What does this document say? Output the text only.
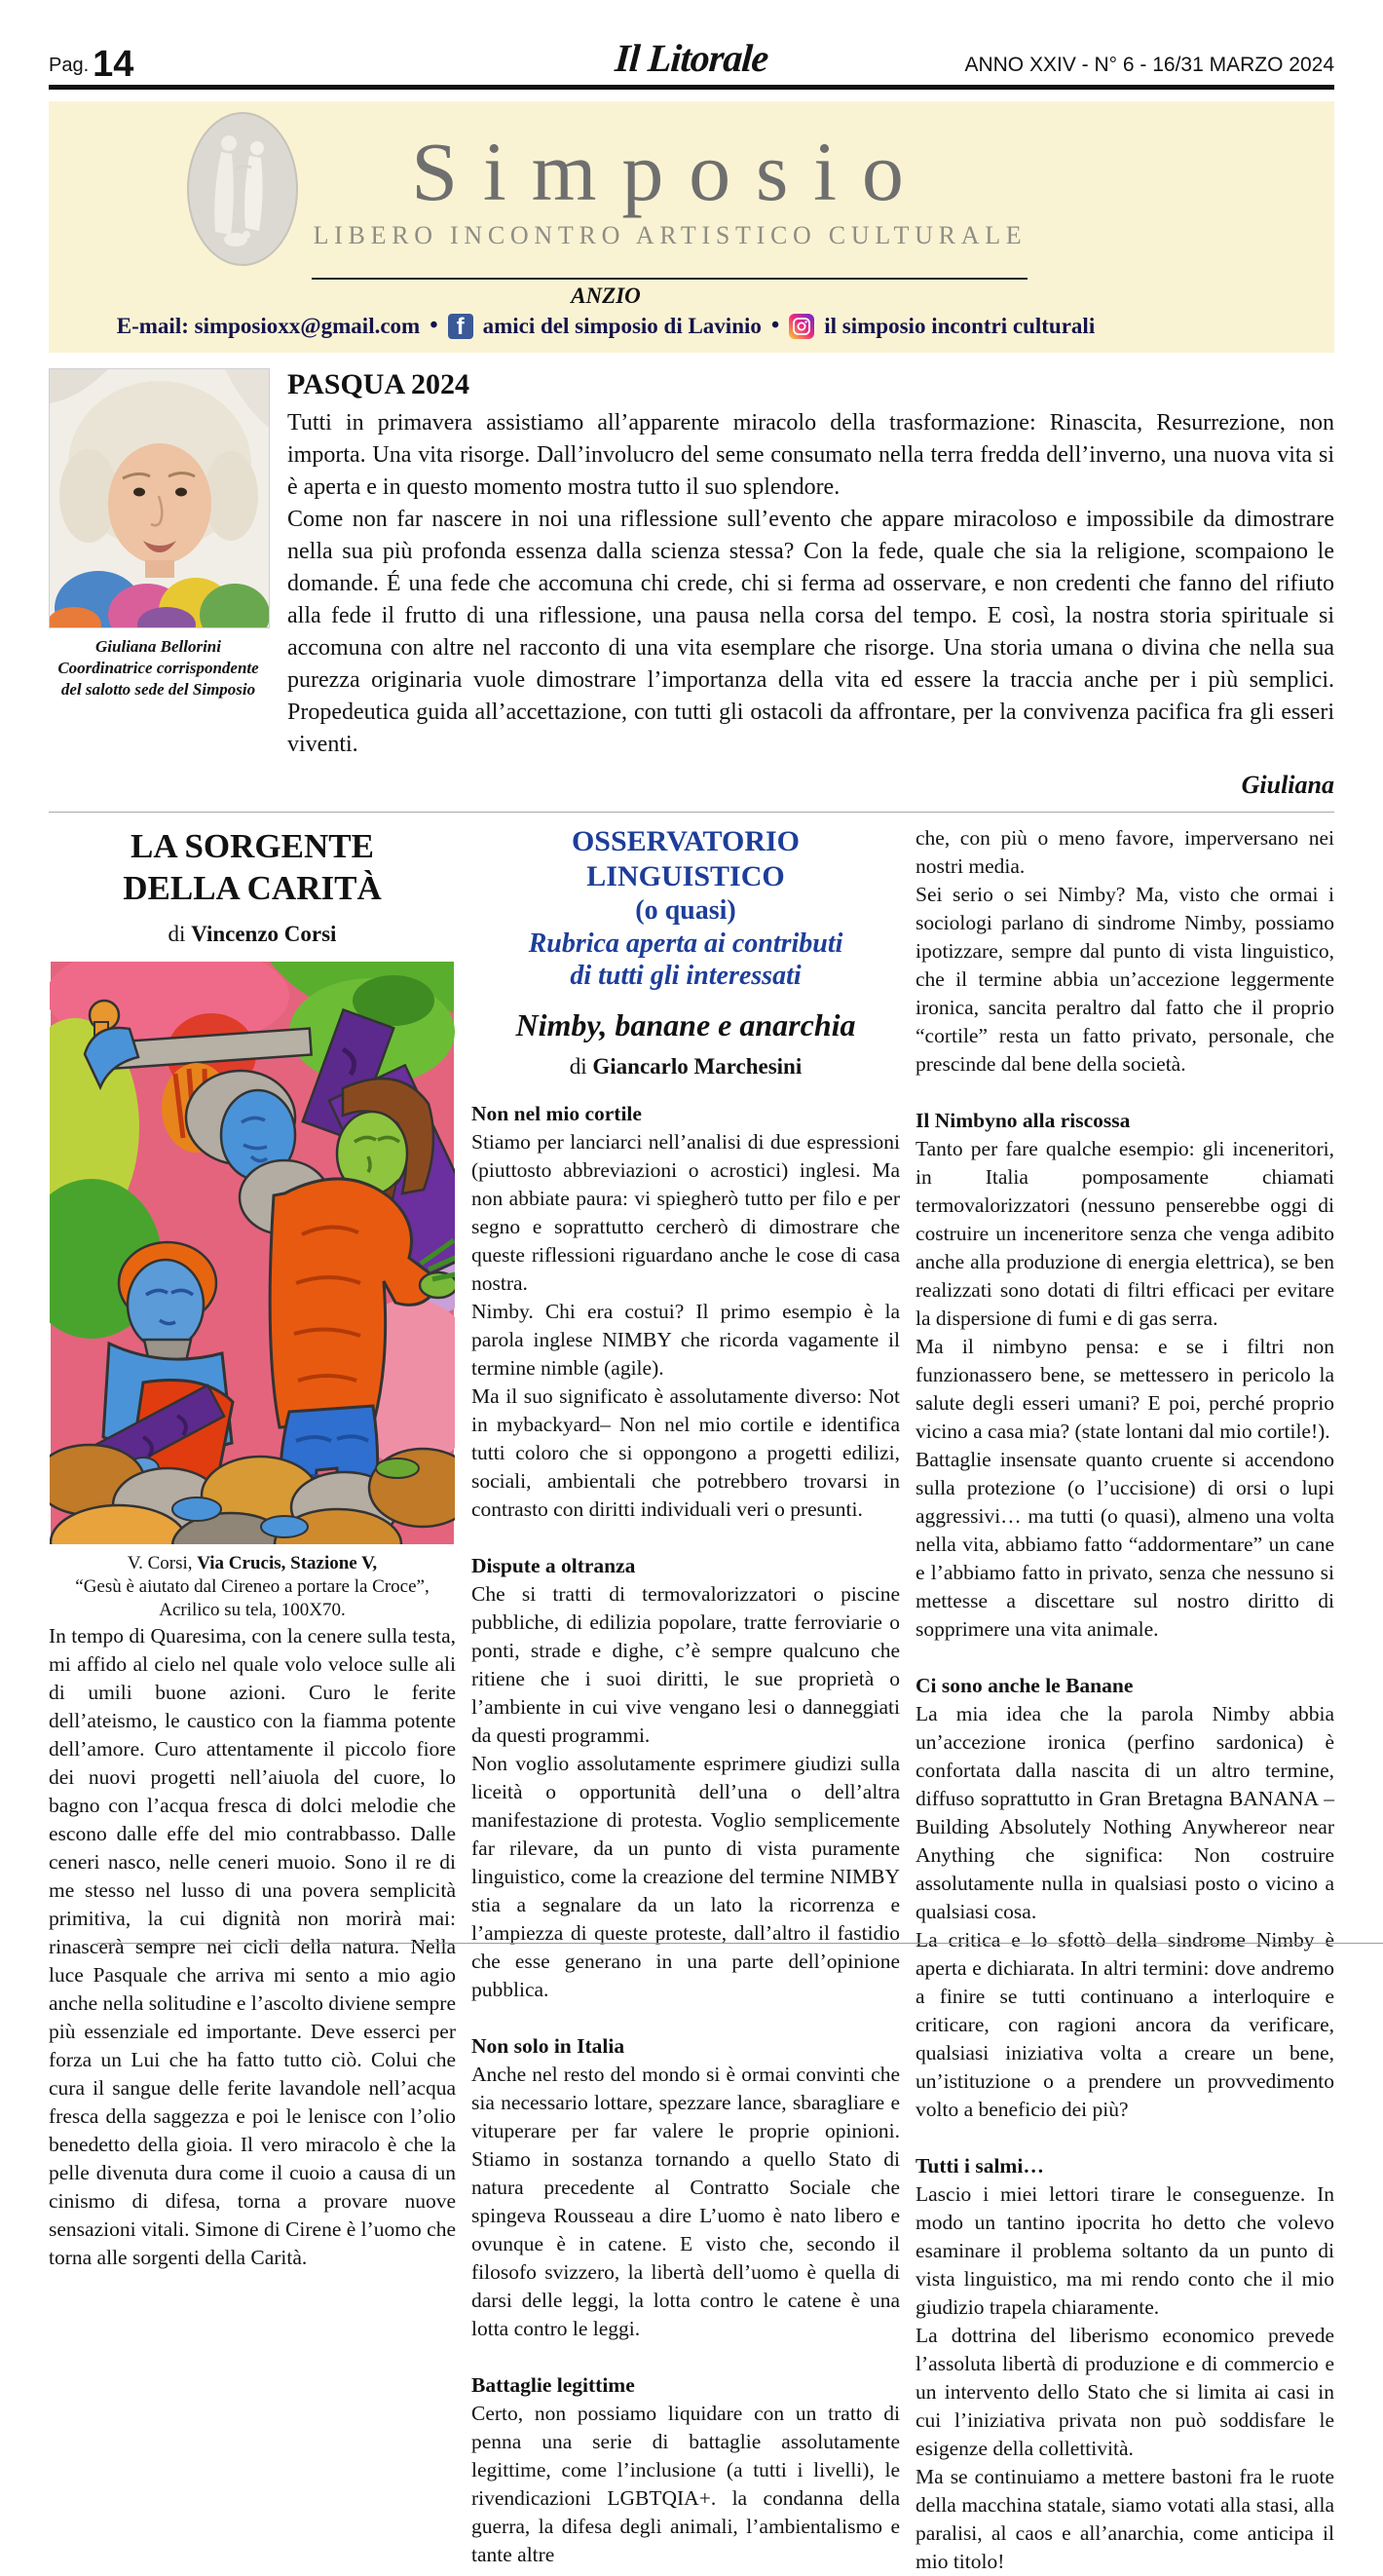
Pag. 14	Il Litorale	ANNO XXIV - N° 6 - 16/31 MARZO 2024
Simposio
LIBERO INCONTRO ARTISTICO CULTURALE
ANZIO
E-mail: simposioxx@gmail.com • f amici del simposio di Lavinio • il simposio incontri culturali
Giuliana Bellorini
Coordinatrice corrispondente
del salotto sede del Simposio
PASQUA 2024

Tutti in primavera assistiamo all’apparente miracolo della trasformazione: Rinascita, Resurrezione, non importa. Una vita risorge. Dall’involucro del seme consumato nella terra fredda dell’inverno, una nuova vita si è aperta e in questo momento mostra tutto il suo splendore.

Come non far nascere in noi una riflessione sull’evento che appare miracoloso e impossibile da dimostrare nella sua più profonda essenza dalla scienza stessa? Con la fede, quale che sia la religione, scompaiono le domande. É una fede che accomuna chi crede, chi si ferma ad osservare, e non credenti che fanno del rifiuto alla fede il frutto di una riflessione, una pausa nella corsa del tempo. E così, la nostra storia spirituale si accomuna con altre nel racconto di una vita esemplare che risorge. Una storia umana o divina che nella sua purezza originaria vuole dimostrare l’importanza della vita ed essere la traccia anche per i più semplici. Propedeutica guida all’accettazione, con tutti gli ostacoli da affrontare, per la convivenza pacifica fra gli esseri viventi.

Giuliana
LA SORGENTE
DELLA CARITÀ
di Vincenzo Corsi
V. Corsi, Via Crucis, Stazione V,
“Gesù è aiutato dal Cireneo a portare la Croce”,
Acrilico su tela, 100X70.

In tempo di Quaresima, con la cenere sulla testa, mi affido al cielo nel quale volo veloce sulle ali di umili buone azioni. Curo le ferite dell’ateismo, le caustico con la fiamma potente dell’amore. Curo attentamente il piccolo fiore dei nuovi progetti nell’aiuola del cuore, lo bagno con l’acqua fresca di dolci melodie che escono dalle effe del mio contrabbasso. Dalle ceneri nasco, nelle ceneri muoio. Sono il re di me stesso nel lusso di una povera semplicità primitiva, la cui dignità non morirà mai: rinascerà sempre nei cicli della natura. Nella luce Pasquale che arriva mi sento a mio agio anche nella solitudine e l’ascolto diviene sempre più essenziale ed importante. Deve esserci per forza un Lui che ha fatto tutto ciò. Colui che cura il sangue delle ferite lavandole nell’acqua fresca della saggezza e poi le lenisce con l’olio benedetto della gioia. Il vero miracolo è che la pelle divenuta dura come il cuoio a causa di un cinismo di difesa, torna a provare nuove sensazioni vitali. Simone di Cirene è l’uomo che torna alle sorgenti della Carità.

OSSERVATORIO LINGUISTICO
(o quasi)
Rubrica aperta ai contributi
di tutti gli interessati
Nimby, banane e anarchia
di Giancarlo Marchesini
Non nel mio cortile

Stiamo per lanciarci nell’analisi di due espressioni (piuttosto abbreviazioni o acrostici) inglesi. Ma non abbiate paura: vi spiegherò tutto per filo e per segno e soprattutto cercherò di dimostrare che queste riflessioni riguardano anche le cose di casa nostra.

Nimby. Chi era costui? Il primo esempio è la parola inglese NIMBY che ricorda vagamente il termine nimble (agile).

Ma il suo significato è assolutamente diverso: Not in mybackyard– Non nel mio cortile e identifica tutti coloro che si oppongono a progetti edilizi, sociali, ambientali che potrebbero trovarsi in contrasto con diritti individuali veri o presunti.

Dispute a oltranza

Che si tratti di termovalorizzatori o piscine pubbliche, di edilizia popolare, tratte ferroviarie o ponti, strade e dighe, c’è sempre qualcuno che ritiene che i suoi diritti, le sue proprietà o l’ambiente in cui vive vengano lesi o danneggiati da questi programmi.

Non voglio assolutamente esprimere giudizi sulla liceità o opportunità dell’una o dell’altra manifestazione di protesta. Voglio semplicemente far rilevare, da un punto di vista puramente linguistico, come la creazione del termine NIMBY stia a segnalare da un lato la ricorrenza e l’ampiezza di queste proteste, dall’altro il fastidio che esse generano in una parte dell’opinione pubblica.

Non solo in Italia

Anche nel resto del mondo si è ormai convinti che sia necessario lottare, spezzare lance, sbaragliare e vituperare per far valere le proprie opinioni. Stiamo in sostanza tornando a quello Stato di natura precedente al Contratto Sociale che spingeva Rousseau a dire L’uomo è nato libero e ovunque è in catene. E visto che, secondo il filosofo svizzero, la libertà dell’uomo è quella di darsi delle leggi, la lotta contro le catene è una lotta contro le leggi.

Battaglie legittime

Certo, non possiamo liquidare con un tratto di penna una serie di battaglie assolutamente legittime, come l’inclusione (a tutti i livelli), le rivendicazioni LGBTQIA+. la condanna della guerra, la difesa degli animali, l’ambientalismo e tante altre

che, con più o meno favore, imperversano nei nostri media.

Sei serio o sei Nimby? Ma, visto che ormai i sociologi parlano di sindrome Nimby, possiamo ipotizzare, sempre dal punto di vista linguistico, che il termine abbia un’accezione leggermente ironica, sancita peraltro dal fatto che il proprio “cortile” resta un fatto privato, personale, che prescinde dal bene della società.

Il Nimbyno alla riscossa

Tanto per fare qualche esempio: gli inceneritori, in Italia pomposamente chiamati termovalorizzatori (nessuno penserebbe oggi di costruire un inceneritore senza che venga adibito anche alla produzione di energia elettrica), se ben realizzati sono dotati di filtri efficaci per evitare la dispersione di fumi e di gas serra.

Ma il nimbyno pensa: e se i filtri non funzionassero bene, se mettessero in pericolo la salute degli esseri umani? E poi, perché proprio vicino a casa mia? (state lontani dal mio cortile!).

Battaglie insensate quanto cruente si accendono sulla protezione (o l’uccisione) di orsi o lupi aggressivi… ma tutti (o quasi), almeno una volta nella vita, abbiamo fatto “addormentare” un cane e l’abbiamo fatto in privato, senza che nessuno si mettesse a discettare sul nostro diritto di sopprimere una vita animale.

Ci sono anche le Banane

La mia idea che la parola Nimby abbia un’accezione ironica (perfino sardonica) è confortata dalla nascita di un altro termine, diffuso soprattutto in Gran Bretagna BANANA – Building Absolutely Nothing Anywhereor near Anything che significa: Non costruire assolutamente nulla in qualsiasi posto o vicino a qualsiasi cosa.

La critica e lo sfottò della sindrome Nimby è aperta e dichiarata. In altri termini: dove andremo a finire se tutti continuano a interloquire e criticare, con ragioni ancora da verificare, qualsiasi iniziativa volta a creare un bene, un’istituzione o a prendere un provvedimento volto a beneficio dei più?

Tutti i salmi…

Lascio i miei lettori tirare le conseguenze. In modo un tantino ipocrita ho detto che volevo esaminare il problema soltanto da un punto di vista linguistico, ma mi rendo conto che il mio giudizio trapela chiaramente.

La dottrina del liberismo economico prevede l’assoluta libertà di produzione e di commercio e un intervento dello Stato che si limita ai casi in cui l’iniziativa privata non può soddisfare le esigenze della collettività.

Ma se continuiamo a mettere bastoni fra le ruote della macchina statale, siamo votati alla stasi, alla paralisi, al caos e all’anarchia, come anticipa il mio titolo!
